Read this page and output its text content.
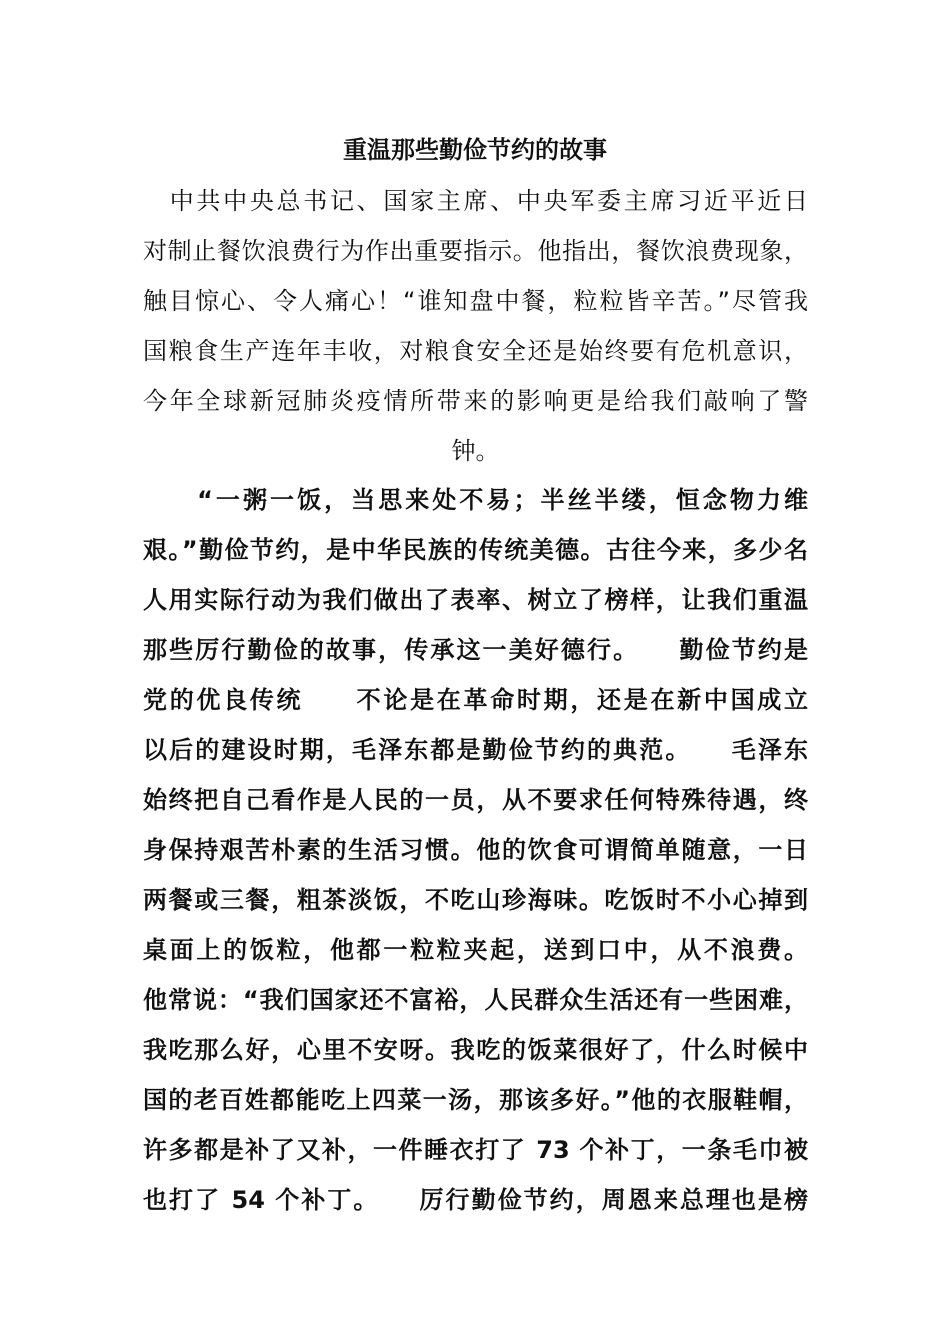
重温那些勤俭节约的故事
　中共中央总书记、国家主席、中央军委主席习近平近日
对制止餐饮浪费行为作出重要指示。他指出，餐饮浪费现象，
触目惊心、令人痛心！“谁知盘中餐，粒粒皆辛苦。”尽管我
国粮食生产连年丰收，对粮食安全还是始终要有危机意识，
今年全球新冠肺炎疫情所带来的影响更是给我们敲响了警
钟。
　　“一粥一饭，当思来处不易；半丝半缕，恒念物力维
艰。”勤俭节约，是中华民族的传统美德。古往今来，多少名
人用实际行动为我们做出了表率、树立了榜样，让我们重温
那些厉行勤俭的故事，传承这一美好德行。　　勤俭节约是
党的优良传统　　不论是在革命时期，还是在新中国成立
以后的建设时期，毛泽东都是勤俭节约的典范。　　毛泽东
始终把自己看作是人民的一员，从不要求任何特殊待遇，终
身保持艰苦朴素的生活习惯。他的饮食可谓简单随意，一日
两餐或三餐，粗茶淡饭，不吃山珍海味。吃饭时不小心掉到
桌面上的饭粒，他都一粒粒夹起，送到口中，从不浪费。
他常说：“我们国家还不富裕，人民群众生活还有一些困难，
我吃那么好，心里不安呀。我吃的饭菜很好了，什么时候中
国的老百姓都能吃上四菜一汤，那该多好。”他的衣服鞋帽，
许多都是补了又补，一件睡衣打了 73 个补丁，一条毛巾被
也打了 54 个补丁。　　厉行勤俭节约，周恩来总理也是榜
